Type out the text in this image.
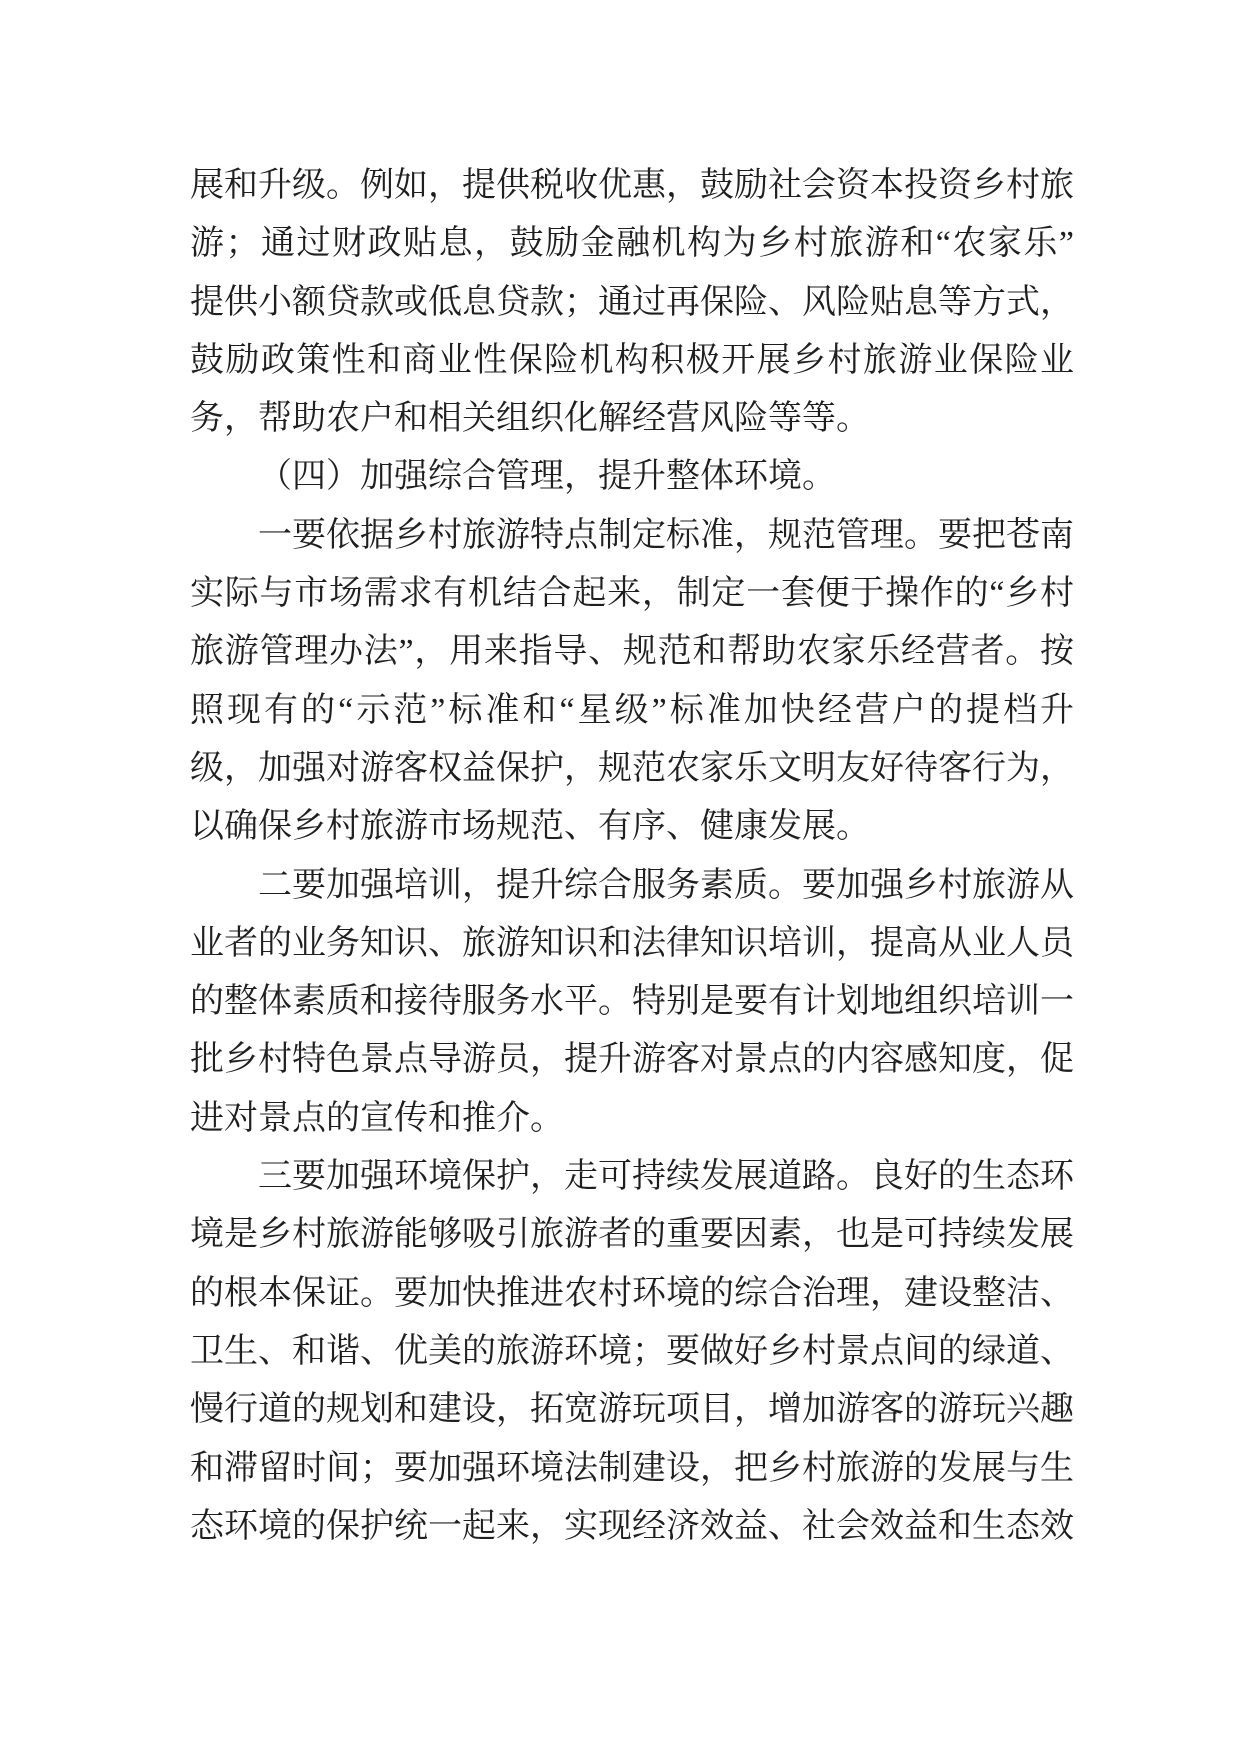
展和升级。例如，提供税收优惠，鼓励社会资本投资乡村旅
游；通过财政贴息，鼓励金融机构为乡村旅游和“农家乐”
提供小额贷款或低息贷款；通过再保险、风险贴息等方式，
鼓励政策性和商业性保险机构积极开展乡村旅游业保险业
务，帮助农户和相关组织化解经营风险等等。
（四）加强综合管理，提升整体环境。
一要依据乡村旅游特点制定标准，规范管理。要把苍南
实际与市场需求有机结合起来，制定一套便于操作的“乡村
旅游管理办法”，用来指导、规范和帮助农家乐经营者。按
照现有的“示范”标准和“星级”标准加快经营户的提档升
级，加强对游客权益保护，规范农家乐文明友好待客行为，
以确保乡村旅游市场规范、有序、健康发展。
二要加强培训，提升综合服务素质。要加强乡村旅游从
业者的业务知识、旅游知识和法律知识培训，提高从业人员
的整体素质和接待服务水平。特别是要有计划地组织培训一
批乡村特色景点导游员，提升游客对景点的内容感知度，促
进对景点的宣传和推介。
三要加强环境保护，走可持续发展道路。良好的生态环
境是乡村旅游能够吸引旅游者的重要因素，也是可持续发展
的根本保证。要加快推进农村环境的综合治理，建设整洁、
卫生、和谐、优美的旅游环境；要做好乡村景点间的绿道、
慢行道的规划和建设，拓宽游玩项目，增加游客的游玩兴趣
和滞留时间；要加强环境法制建设，把乡村旅游的发展与生
态环境的保护统一起来，实现经济效益、社会效益和生态效
